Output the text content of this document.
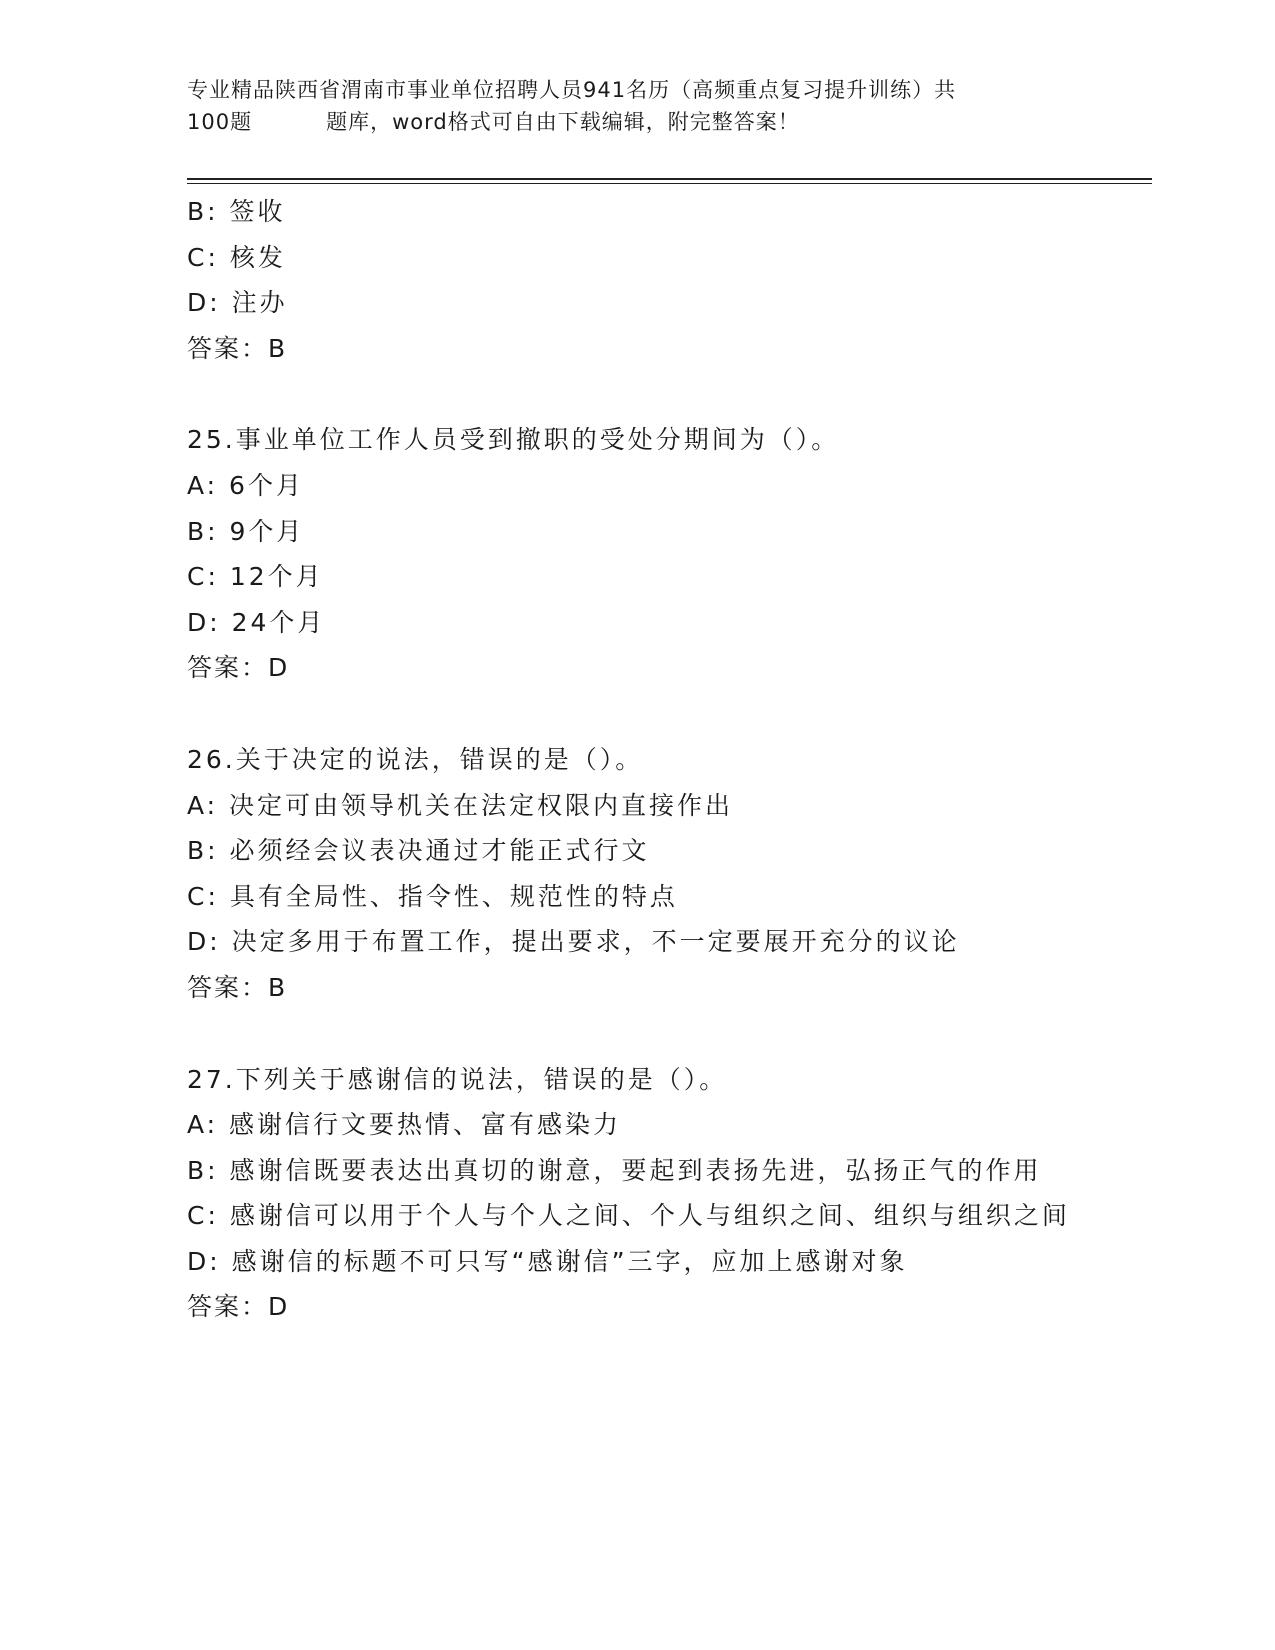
专业精品陕西省渭南市事业单位招聘人员941名历（高频重点复习提升训练）共
100题	题库，word格式可自由下载编辑，附完整答案！
B: 签收
C: 核发
D: 注办
答案：B
25.事业单位工作人员受到撤职的受处分期间为（）。
A: 6个月
B: 9个月
C: 12个月
D: 24个月
答案：D
26.关于决定的说法，错误的是（）。
A: 决定可由领导机关在法定权限内直接作出
B: 必须经会议表决通过才能正式行文
C: 具有全局性、指令性、规范性的特点
D: 决定多用于布置工作，提出要求，不一定要展开充分的议论
答案：B
27.下列关于感谢信的说法，错误的是（）。
A: 感谢信行文要热情、富有感染力
B: 感谢信既要表达出真切的谢意，要起到表扬先进，弘扬正气的作用
C: 感谢信可以用于个人与个人之间、个人与组织之间、组织与组织之间
D: 感谢信的标题不可只写“感谢信”三字，应加上感谢对象
答案：D
